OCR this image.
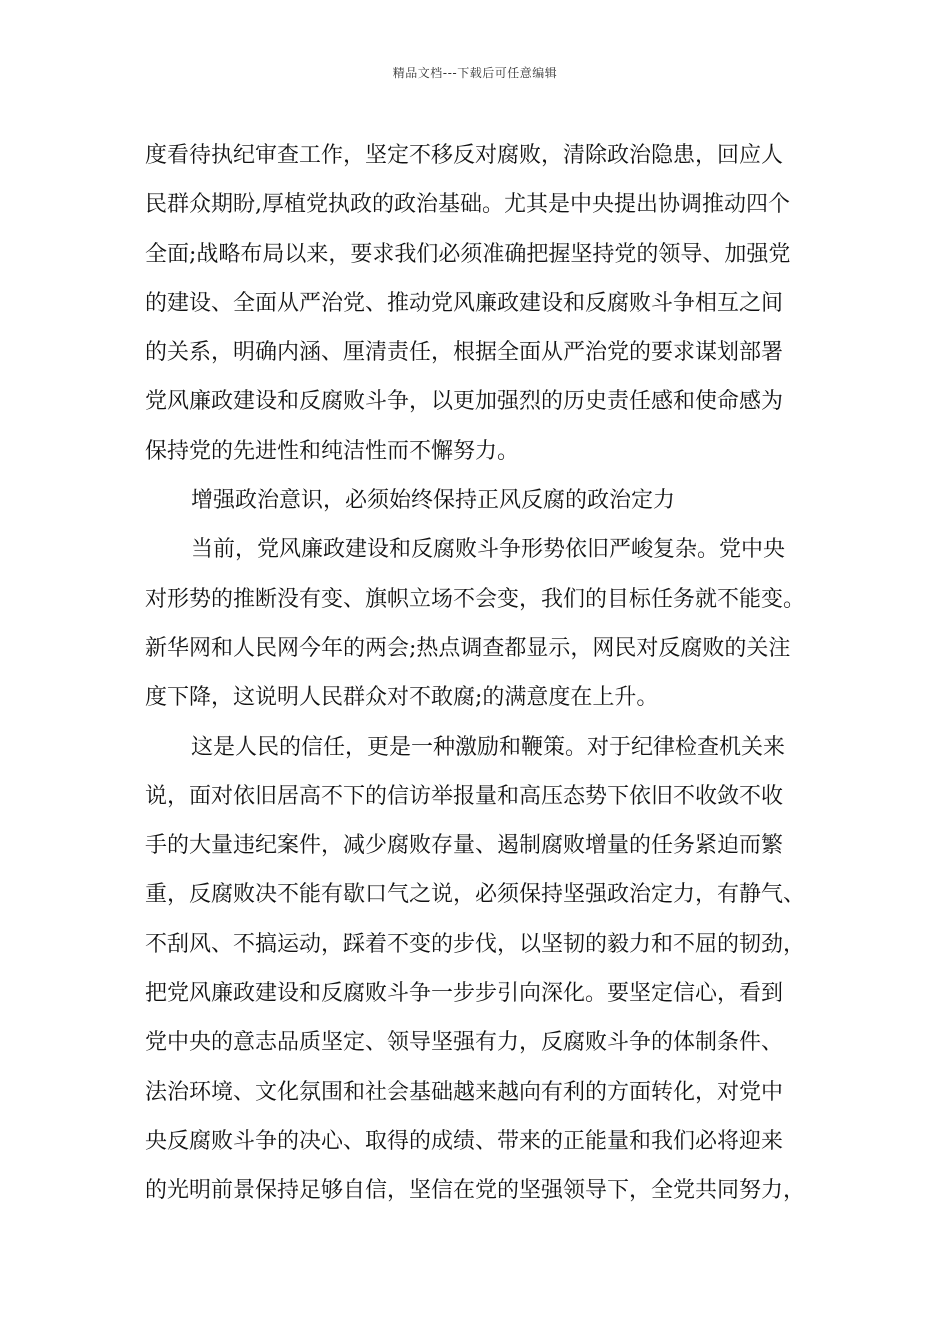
精品文档---下载后可任意编辑
度看待执纪审查工作，坚定不移反对腐败，清除政治隐患，回应人
民群众期盼,厚植党执政的政治基础。尤其是中央提出协调推动四个
全面;战略布局以来，要求我们必须准确把握坚持党的领导、加强党
的建设、全面从严治党、推动党风廉政建设和反腐败斗争相互之间
的关系，明确内涵、厘清责任，根据全面从严治党的要求谋划部署
党风廉政建设和反腐败斗争，以更加强烈的历史责任感和使命感为
保持党的先进性和纯洁性而不懈努力。
增强政治意识，必须始终保持正风反腐的政治定力
当前，党风廉政建设和反腐败斗争形势依旧严峻复杂。党中央
对形势的推断没有变、旗帜立场不会变，我们的目标任务就不能变。
新华网和人民网今年的两会;热点调查都显示，网民对反腐败的关注
度下降，这说明人民群众对不敢腐;的满意度在上升。
这是人民的信任，更是一种激励和鞭策。对于纪律检查机关来
说，面对依旧居高不下的信访举报量和高压态势下依旧不收敛不收
手的大量违纪案件，减少腐败存量、遏制腐败增量的任务紧迫而繁
重，反腐败决不能有歇口气之说，必须保持坚强政治定力，有静气、
不刮风、不搞运动，踩着不变的步伐，以坚韧的毅力和不屈的韧劲，
把党风廉政建设和反腐败斗争一步步引向深化。要坚定信心，看到
党中央的意志品质坚定、领导坚强有力，反腐败斗争的体制条件、
法治环境、文化氛围和社会基础越来越向有利的方面转化，对党中
央反腐败斗争的决心、取得的成绩、带来的正能量和我们必将迎来
的光明前景保持足够自信，坚信在党的坚强领导下，全党共同努力，
